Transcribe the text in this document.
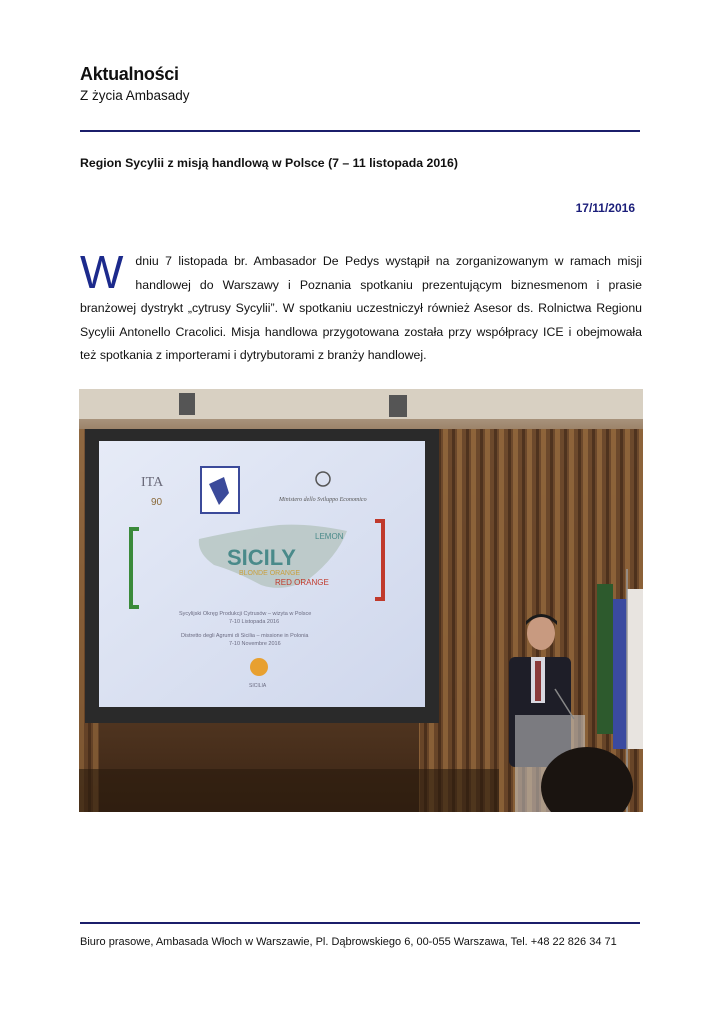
Aktualności
Z życia Ambasady
Region Sycylii z misją handlową w Polsce (7 – 11 listopada 2016)
17/11/2016
W dniu 7 listopada br. Ambasador De Pedys wystąpił na zorganizowanym w ramach misji handlowej do Warszawy i Poznania spotkaniu prezentującym biznesmenom i prasie branżowej dystrykt „cytrusy Sycylii”. W spotkaniu uczestniczył również Asesor ds. Rolnictwa Regionu Sycylii Antonello Cracolici. Misja handlowa przygotowana została przy współpracy ICE i obejmowała też spotkania z importerami i dytrybutorami z branży handlowej.
ITA
90	Ministero dello Sviluppo Economico
SICILY
LEMON
BLONDE ORANGE
RED ORANGE
Sycylijski Okręg Produkcji Cytrusów – wizyta w Polsce
7-10 Listopada 2016
Distretto degli Agrumi di Sicilia – missione in Polonia
7-10 Novembre 2016
SICILIA
Biuro prasowe, Ambasada Włoch w Warszawie, Pl. Dąbrowskiego 6, 00-055 Warszawa, Tel. +48 22 826 34 71
